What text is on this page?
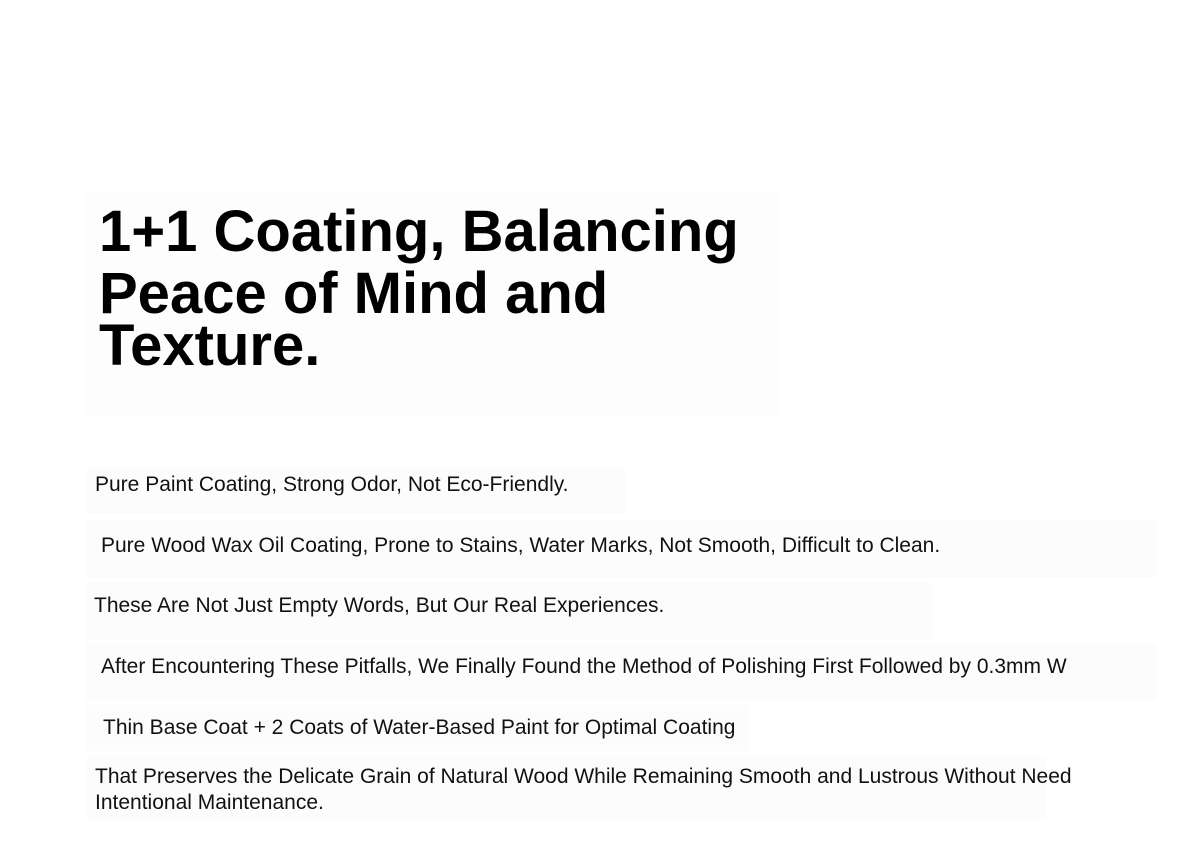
1+1 Coating, Balancing
Peace of Mind and
Texture.

Pure Paint Coating, Strong Odor, Not Eco-Friendly.

Pure Wood Wax Oil Coating, Prone to Stains, Water Marks, Not Smooth, Difficult to Clean.

These Are Not Just Empty Words, But Our Real Experiences.

After Encountering These Pitfalls, We Finally Found the Method of Polishing First Followed by 0.3mm W

Thin Base Coat + 2 Coats of Water-Based Paint for Optimal Coating

That Preserves the Delicate Grain of Natural Wood While Remaining Smooth and Lustrous Without Need

Intentional Maintenance.
